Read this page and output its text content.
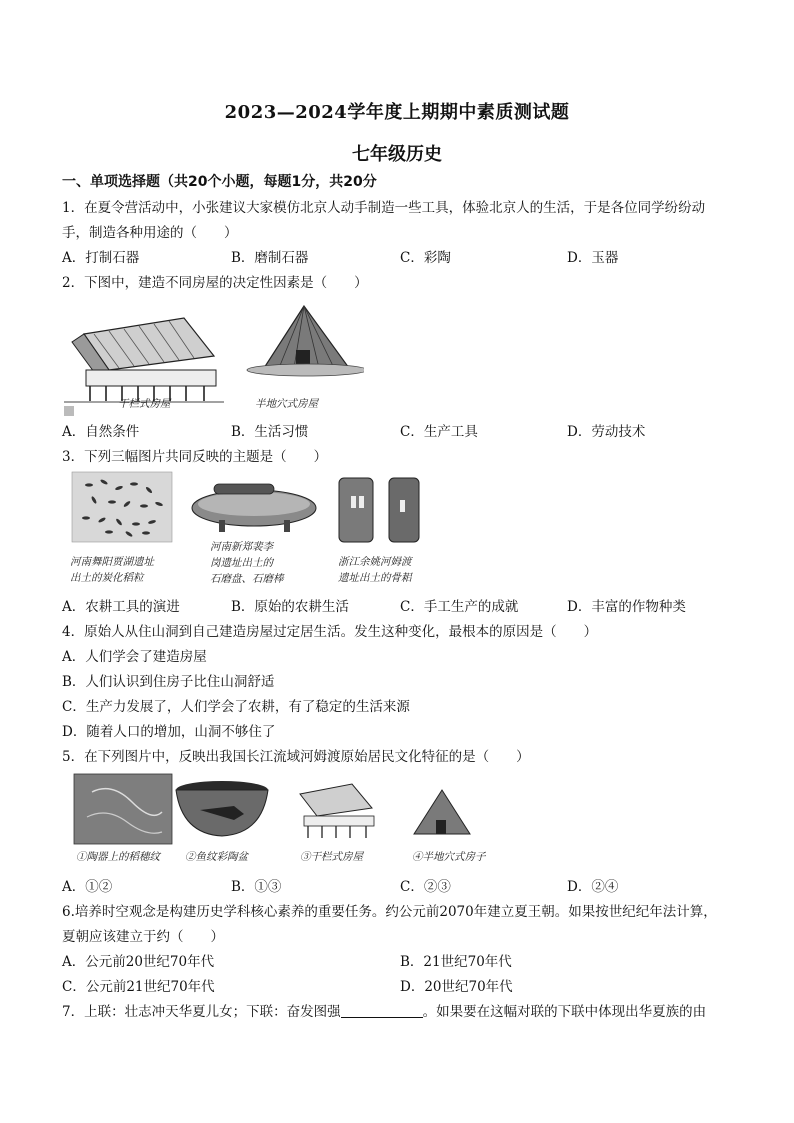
2023—2024学年度上期期中素质测试题
七年级历史
一、单项选择题（共20个小题，每题1分，共20分
1．在夏令营活动中，小张建议大家模仿北京人动手制造一些工具，体验北京人的生活，于是各位同学纷纷动
手，制造各种用途的（　　）
A．打制石器	B．磨制石器	C．彩陶	D．玉器
2．下图中，建造不同房屋的决定性因素是（　　）
干栏式房屋	半地穴式房屋
A．自然条件	B．生活习惯	C．生产工具	D．劳动技术
3．下列三幅图片共同反映的主题是（　　）
河南舞阳贾湖遗址
出土的炭化稻粒
河南新郑裴李
岗遗址出土的
石磨盘、石磨棒
浙江余姚河姆渡
遗址出土的骨耜
A．农耕工具的演进	B．原始的农耕生活	C．手工生产的成就	D．丰富的作物种类
4．原始人从住山洞到自己建造房屋过定居生活。发生这种变化，最根本的原因是（　　）
A．人们学会了建造房屋
B．人们认识到住房子比住山洞舒适
C．生产力发展了，人们学会了农耕，有了稳定的生活来源
D．随着人口的增加，山洞不够住了
5．在下列图片中，反映出我国长江流域河姆渡原始居民文化特征的是（　　）
①陶器上的稻穗纹 ②鱼纹彩陶盆	③干栏式房屋	④半地穴式房子
A．①②	B．①③	C．②③	D．②④
6.培养时空观念是构建历史学科核心素养的重要任务。约公元前2070年建立夏王朝。如果按世纪纪年法计算，
夏朝应该建立于约（　　）
A．公元前20世纪70年代	B．21世纪70年代
C．公元前21世纪70年代	D．20世纪70年代
7．上联：壮志冲天华夏儿女；下联：奋发图强	。如果要在这幅对联的下联中体现出华夏族的由
